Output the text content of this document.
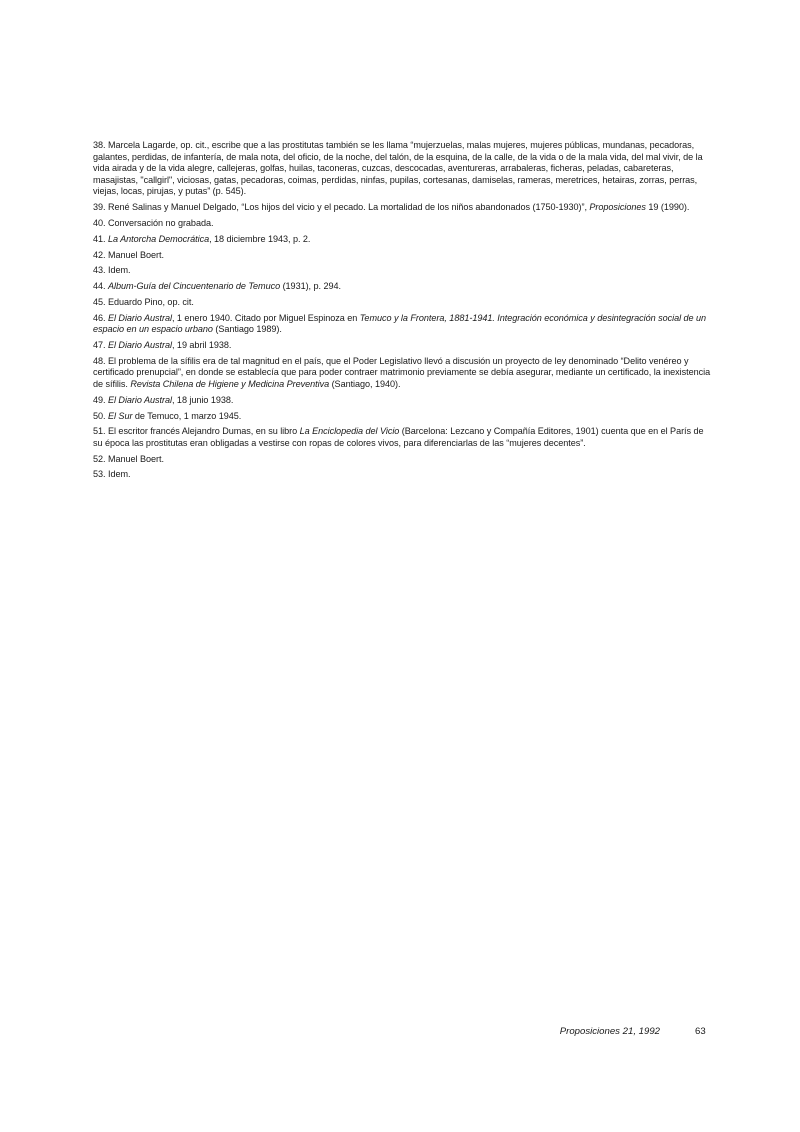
38. Marcela Lagarde, op. cit., escribe que a las prostitutas también se les llama “mujerzuelas, malas mujeres, mujeres públicas, mundanas, pecadoras, galantes, perdidas, de infantería, de mala nota, del oficio, de la noche, del talón, de la esquina, de la calle, de la vida o de la mala vida, del mal vivir, de la vida airada y de la vida alegre, callejeras, golfas, huilas, taconeras, cuzcas, descocadas, aventureras, arrabaleras, ficheras, peladas, cabareteras, masajistas, "callgirl", viciosas, gatas, pecadoras, coimas, perdidas, ninfas, pupilas, cortesanas, damiselas, rameras, meretrices, hetairas, zorras, perras, viejas, locas, pirujas, y putas” (p. 545).

39. René Salinas y Manuel Delgado, “Los hijos del vicio y el pecado. La mortalidad de los niños abandonados (1750-1930)”, Proposiciones 19 (1990).

40. Conversación no grabada.

41. La Antorcha Democrática, 18 diciembre 1943, p. 2.

42. Manuel Boert.

43. Idem.

44. Album-Guía del Cincuentenario de Temuco (1931), p. 294.

45. Eduardo Pino, op. cit.

46. El Diario Austral, 1 enero 1940. Citado por Miguel Espinoza en Temuco y la Frontera, 1881-1941. Integración económica y desintegración social de un espacio en un espacio urbano (Santiago 1989).

47. El Diario Austral, 19 abril 1938.

48. El problema de la sífilis era de tal magnitud en el país, que el Poder Legislativo llevó a discusión un proyecto de ley denominado “Delito venéreo y certificado prenupcial”, en donde se establecía que para poder contraer matrimonio previamente se debía asegurar, mediante un certificado, la inexistencia de sífilis. Revista Chilena de Higiene y Medicina Preventiva (Santiago, 1940).

49. El Diario Austral, 18 junio 1938.

50. El Sur de Temuco, 1 marzo 1945.

51. El escritor francés Alejandro Dumas, en su libro La Enciclopedia del Vicio (Barcelona: Lezcano y Compañía Editores, 1901) cuenta que en el París de su época las prostitutas eran obligadas a vestirse con ropas de colores vivos, para diferenciarlas de las “mujeres decentes”.

52. Manuel Boert.

53. Idem.

Proposiciones 21, 1992	63
